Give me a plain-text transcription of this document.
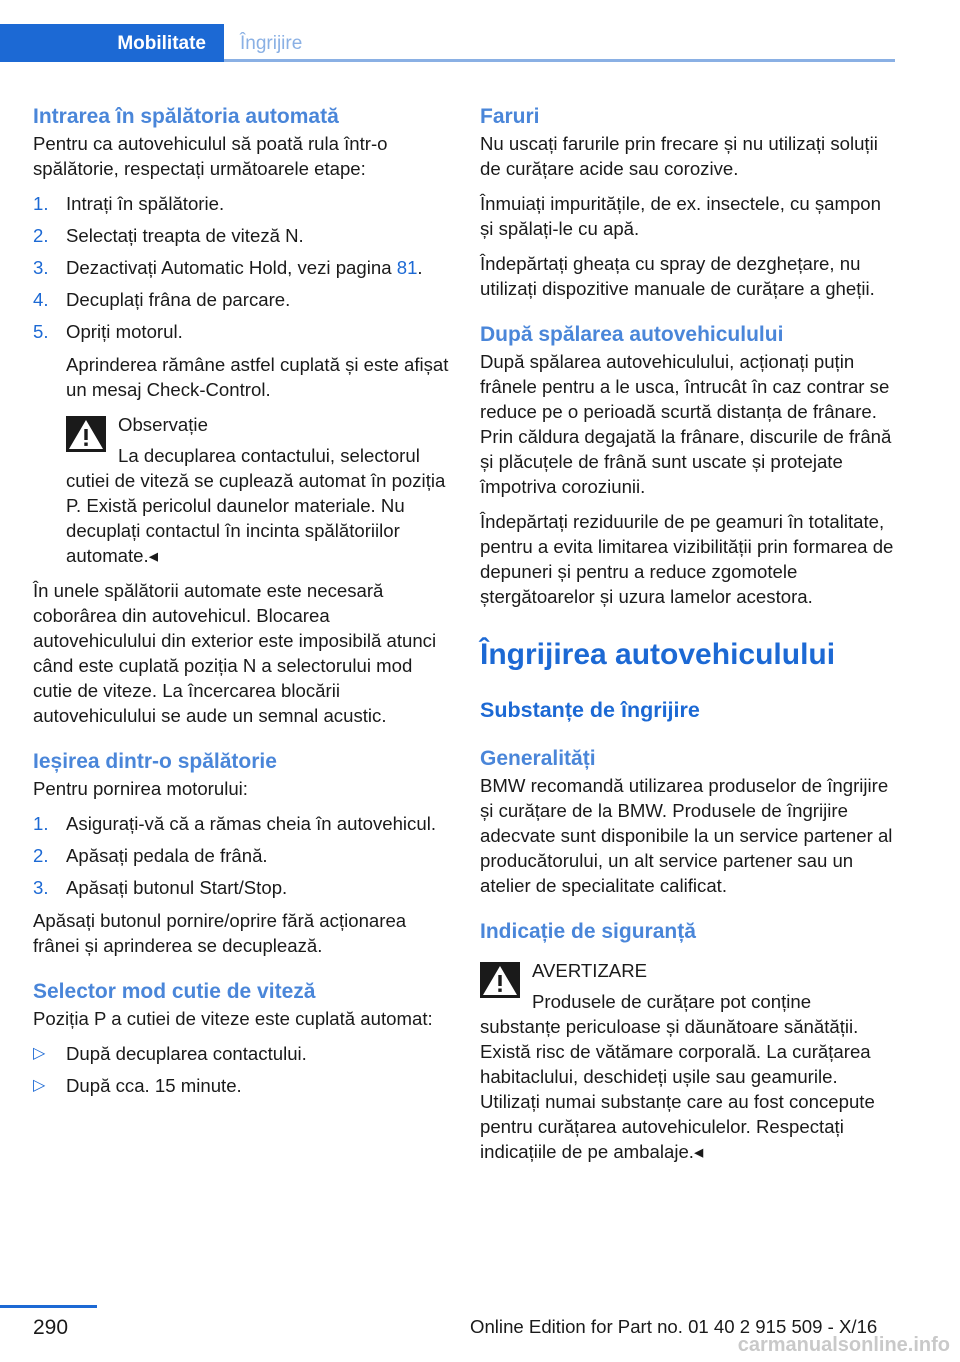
Mobilitate Îngrijire
Intrarea în spălătoria automată

Pentru ca autovehiculul să poată rula într-o spălătorie, respectați următoarele etape:

1. Intrați în spălătorie.
2. Selectați treapta de viteză N.
3. Dezactivați Automatic Hold, vezi pagina 81.
4. Decuplați frâna de parcare.
5. Opriți motorul.

Aprinderea rămâne astfel cuplată și este afișat un mesaj Check-Control.

Observație

La decuplarea contactului, selectorul cutiei de viteză se cuplează automat în poziția P. Există pericolul daunelor materiale. Nu decuplați contactul în incinta spălătoriilor automate.◂

În unele spălătorii automate este necesară coborârea din autovehicul. Blocarea autovehiculului din exterior este imposibilă atunci când este cuplată poziția N a selectorului mod cutie de viteze. La încercarea blocării autovehiculului se aude un semnal acustic.

Ieșirea dintr-o spălătorie

Pentru pornirea motorului:

1. Asigurați-vă că a rămas cheia în autovehicul.
2. Apăsați pedala de frână.
3. Apăsați butonul Start/Stop.

Apăsați butonul pornire/oprire fără acționarea frânei și aprinderea se decuplează.

Selector mod cutie de viteză

Poziția P a cutiei de viteze este cuplată automat:

▷ După decuplarea contactului.
▷ După cca. 15 minute.
Faruri

Nu uscați farurile prin frecare și nu utilizați soluții de curățare acide sau corozive.

Înmuiați impuritățile, de ex. insectele, cu șampon și spălați-le cu apă.

Îndepărtați gheața cu spray de dezghețare, nu utilizați dispozitive manuale de curățare a gheții.

După spălarea autovehiculului

După spălarea autovehiculului, acționați puțin frânele pentru a le usca, întrucât în caz contrar se reduce pe o perioadă scurtă distanța de frânare. Prin căldura degajată la frânare, discurile de frână și plăcuțele de frână sunt uscate și protejate împotriva coroziunii.

Îndepărtați reziduurile de pe geamuri în totalitate, pentru a evita limitarea vizibilității prin formarea de depuneri și pentru a reduce zgomotele ștergătoarelor și uzura lamelor acestora.

Îngrijirea autovehiculului
Substanțe de îngrijire
Generalități

BMW recomandă utilizarea produselor de îngrijire și curățare de la BMW. Produsele de îngrijire adecvate sunt disponibile la un service partener al producătorului, un alt service partener sau un atelier de specialitate calificat.

Indicație de siguranță

AVERTIZARE

Produsele de curățare pot conține substanțe periculoase și dăunătoare sănătății. Există risc de vătămare corporală. La curățarea habitaclului, deschideți ușile sau geamurile. Utilizați numai substanțe care au fost concepute pentru curățarea autovehiculelor. Respectați indicațiile de pe ambalaje.◂

290	Online Edition for Part no. 01 40 2 915 509 - X/16
carmanualsonline.info
